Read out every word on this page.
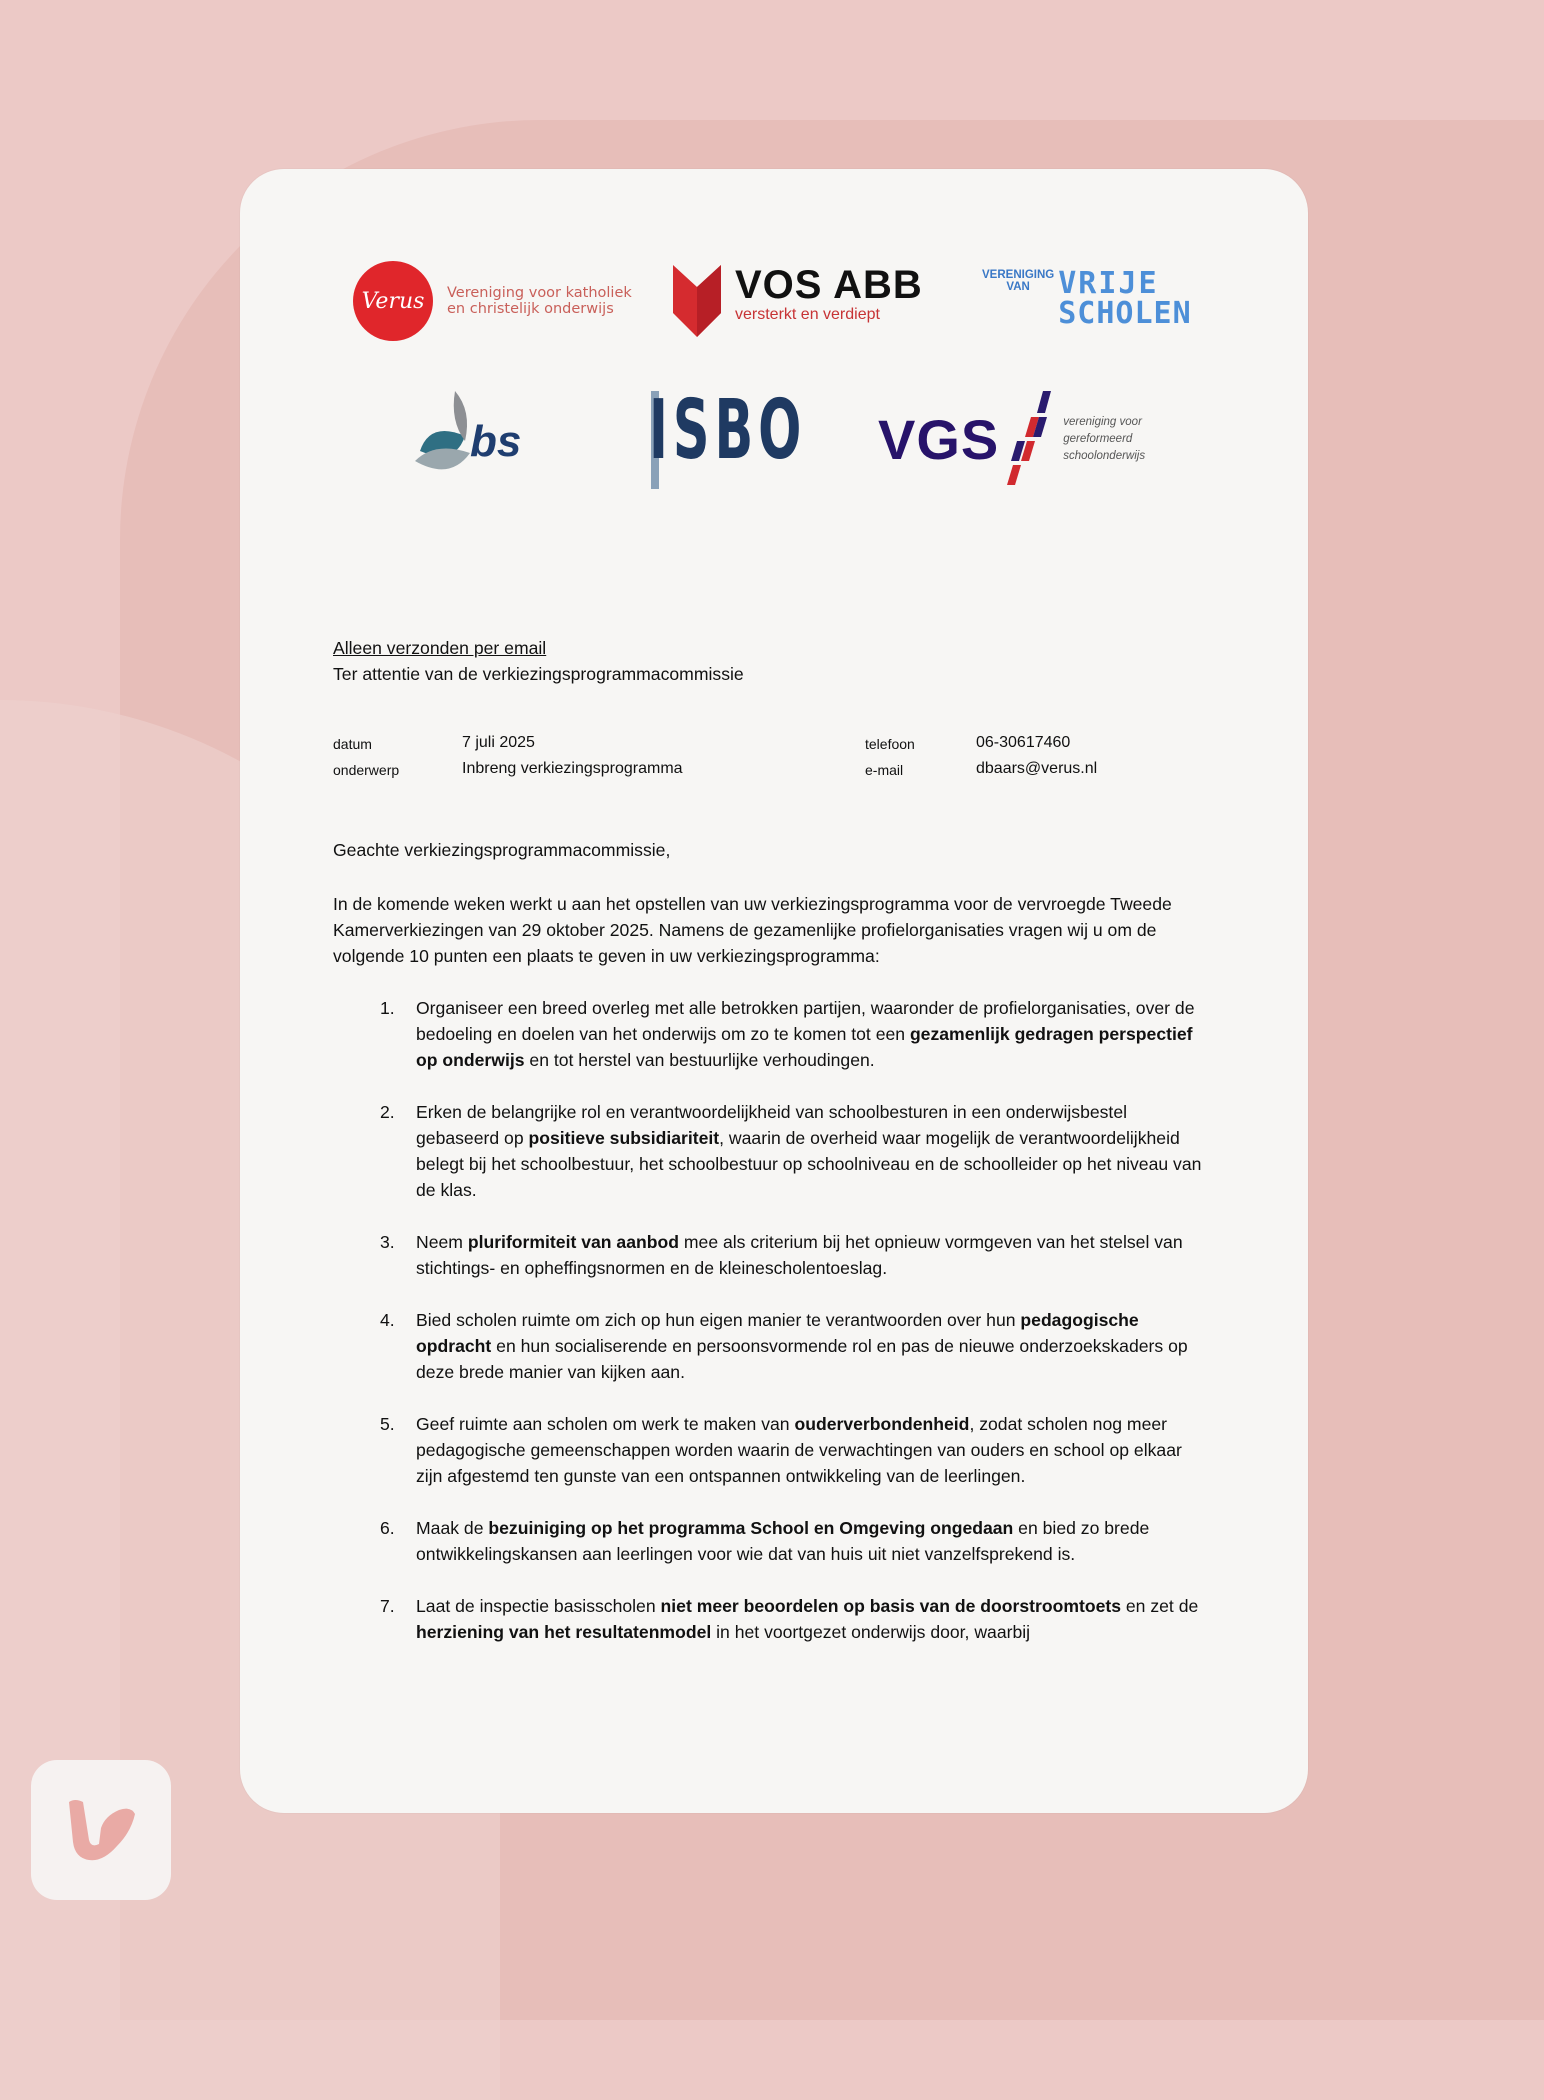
Verus	Vereniging voor katholiek
en christelijk onderwijs
VOS ABB
versterkt en verdiept
VERENIGING
VAN VRIJE
SCHOLEN
bs ISBO VGS	vereniging voor
gereformeerd
schoolonderwijs
Alleen verzonden per email
Ter attentie van de verkiezingsprogrammacommissie
datum	7 juli 2025
onderwerp	Inbreng verkiezingsprogramma
telefoon	06-30617460
e-mail	dbaars@verus.nl
Geachte verkiezingsprogrammacommissie,
In de komende weken werkt u aan het opstellen van uw verkiezingsprogramma voor de vervroegde Tweede Kamerverkiezingen van 29 oktober 2025. Namens de gezamenlijke profielorganisaties vragen wij u om de volgende 10 punten een plaats te geven in uw verkiezingsprogramma:
1. Organiseer een breed overleg met alle betrokken partijen, waaronder de profielorganisaties, over de bedoeling en doelen van het onderwijs om zo te komen tot een gezamenlijk gedragen perspectief op onderwijs en tot herstel van bestuurlijke verhoudingen.
2. Erken de belangrijke rol en verantwoordelijkheid van schoolbesturen in een onderwijsbestel gebaseerd op positieve subsidiariteit, waarin de overheid waar mogelijk de verantwoordelijkheid belegt bij het schoolbestuur, het schoolbestuur op schoolniveau en de schoolleider op het niveau van de klas.
3. Neem pluriformiteit van aanbod mee als criterium bij het opnieuw vormgeven van het stelsel van stichtings- en opheffingsnormen en de kleinescholentoeslag.
4. Bied scholen ruimte om zich op hun eigen manier te verantwoorden over hun pedagogische opdracht en hun socialiserende en persoonsvormende rol en pas de nieuwe onderzoekskaders op deze brede manier van kijken aan.
5. Geef ruimte aan scholen om werk te maken van ouderverbondenheid, zodat scholen nog meer pedagogische gemeenschappen worden waarin de verwachtingen van ouders en school op elkaar zijn afgestemd ten gunste van een ontspannen ontwikkeling van de leerlingen.
6. Maak de bezuiniging op het programma School en Omgeving ongedaan en bied zo brede ontwikkelingskansen aan leerlingen voor wie dat van huis uit niet vanzelfsprekend is.
7. Laat de inspectie basisscholen niet meer beoordelen op basis van de doorstroomtoets en zet de herziening van het resultatenmodel in het voortgezet onderwijs door, waarbij
